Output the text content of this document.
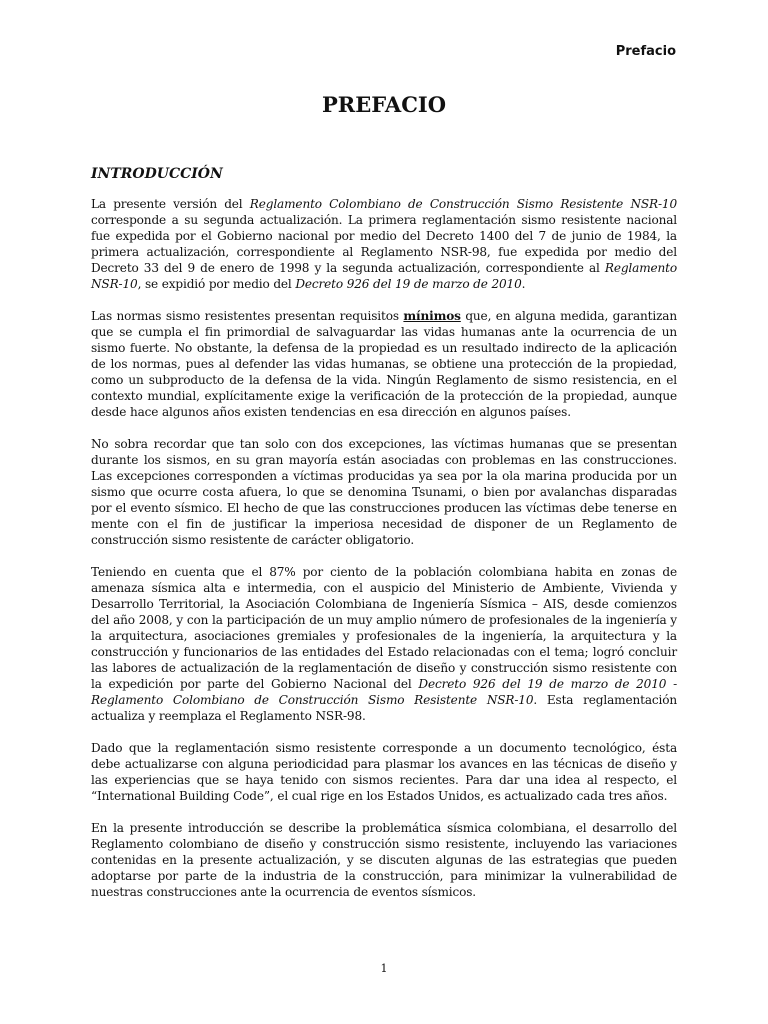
Prefacio
PREFACIO
INTRODUCCIÓN

La presente versión del Reglamento Colombiano de Construcción Sismo Resistente NSR-10 corresponde a su segunda actualización. La primera reglamentación sismo resistente nacional fue expedida por el Gobierno nacional por medio del Decreto 1400 del 7 de junio de 1984, la primera actualización, correspondiente al Reglamento NSR-98, fue expedida por medio del Decreto 33 del 9 de enero de 1998 y la segunda actualización, correspondiente al Reglamento NSR-10, se expidió por medio del Decreto 926 del 19 de marzo de 2010.

Las normas sismo resistentes presentan requisitos mínimos que, en alguna medida, garantizan que se cumpla el fin primordial de salvaguardar las vidas humanas ante la ocurrencia de un sismo fuerte. No obstante, la defensa de la propiedad es un resultado indirecto de la aplicación de los normas, pues al defender las vidas humanas, se obtiene una protección de la propiedad, como un subproducto de la defensa de la vida. Ningún Reglamento de sismo resistencia, en el contexto mundial, explícitamente exige la verificación de la protección de la propiedad, aunque desde hace algunos años existen tendencias en esa dirección en algunos países.

No sobra recordar que tan solo con dos excepciones, las víctimas humanas que se presentan durante los sismos, en su gran mayoría están asociadas con problemas en las construcciones. Las excepciones corresponden a víctimas producidas ya sea por la ola marina producida por un sismo que ocurre costa afuera, lo que se denomina Tsunami, o bien por avalanchas disparadas por el evento sísmico. El hecho de que las construcciones producen las víctimas debe tenerse en mente con el fin de justificar la imperiosa necesidad de disponer de un Reglamento de construcción sismo resistente de carácter obligatorio.

Teniendo en cuenta que el 87% por ciento de la población colombiana habita en zonas de amenaza sísmica alta e intermedia, con el auspicio del Ministerio de Ambiente, Vivienda y Desarrollo Territorial, la Asociación Colombiana de Ingeniería Sísmica – AIS, desde comienzos del año 2008, y con la participación de un muy amplio número de profesionales de la ingeniería y la arquitectura, asociaciones gremiales y profesionales de la ingeniería, la arquitectura y la construcción y funcionarios de las entidades del Estado relacionadas con el tema; logró concluir las labores de actualización de la reglamentación de diseño y construcción sismo resistente con la expedición por parte del Gobierno Nacional del Decreto 926 del 19 de marzo de 2010 - Reglamento Colombiano de Construcción Sismo Resistente NSR-10. Esta reglamentación actualiza y reemplaza el Reglamento NSR-98.

Dado que la reglamentación sismo resistente corresponde a un documento tecnológico, ésta debe actualizarse con alguna periodicidad para plasmar los avances en las técnicas de diseño y las experiencias que se haya tenido con sismos recientes. Para dar una idea al respecto, el “International Building Code”, el cual rige en los Estados Unidos, es actualizado cada tres años.

En la presente introducción se describe la problemática sísmica colombiana, el desarrollo del Reglamento colombiano de diseño y construcción sismo resistente, incluyendo las variaciones contenidas en la presente actualización, y se discuten algunas de las estrategias que pueden adoptarse por parte de la industria de la construcción, para minimizar la vulnerabilidad de nuestras construcciones ante la ocurrencia de eventos sísmicos.

1
